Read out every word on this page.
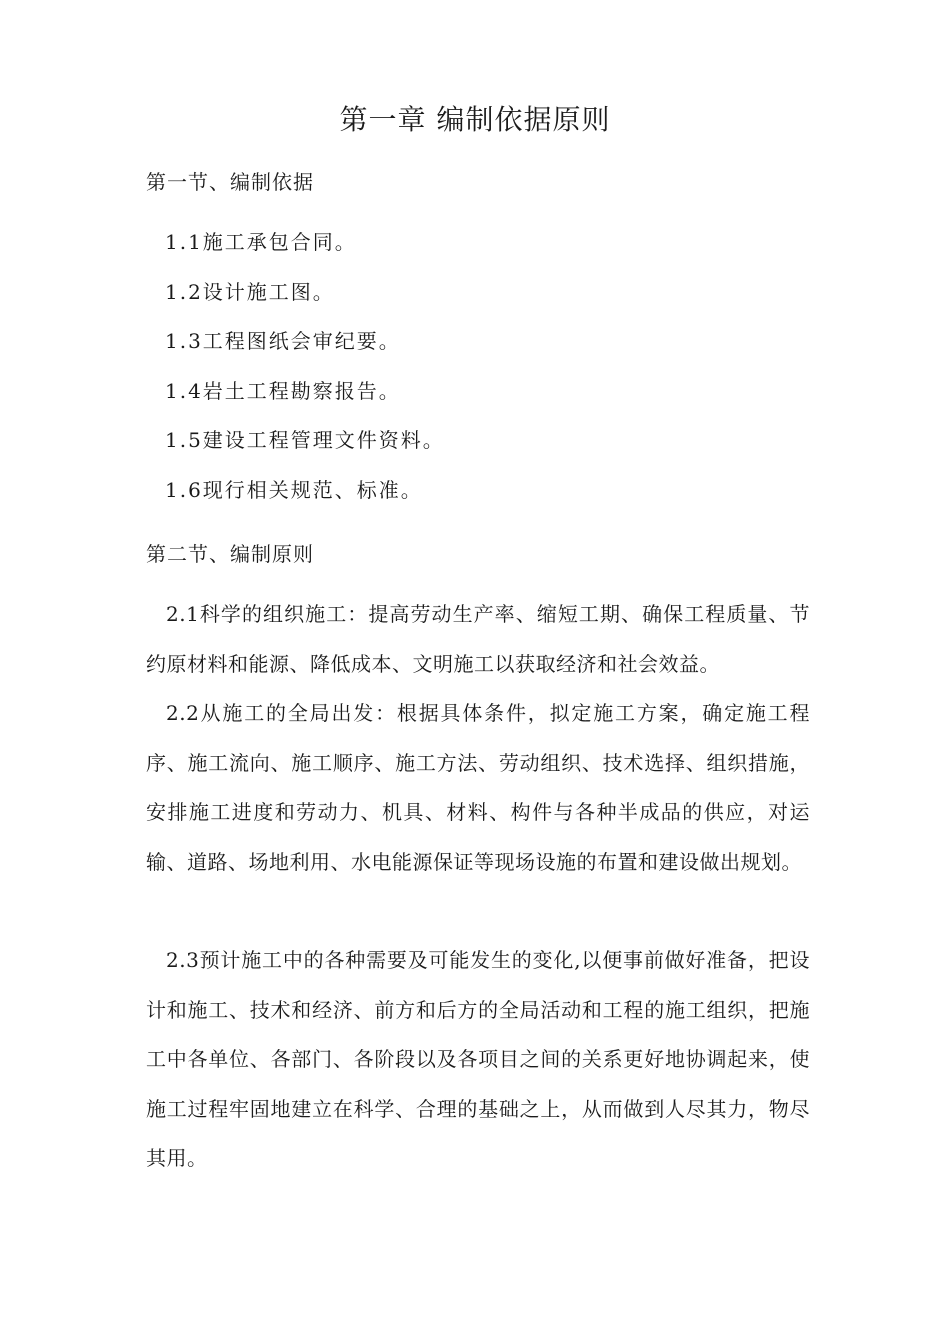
第一章 编制依据原则
第一节、编制依据

1.1施工承包合同。

1.2设计施工图。

1.3工程图纸会审纪要。

1.4岩土工程勘察报告。

1.5建设工程管理文件资料。

1.6现行相关规范、标准。

第二节、编制原则

2.1科学的组织施工：提高劳动生产率、缩短工期、确保工程质量、节约原材料和能源、降低成本、文明施工以获取经济和社会效益。

2.2从施工的全局出发：根据具体条件，拟定施工方案，确定施工程序、施工流向、施工顺序、施工方法、劳动组织、技术选择、组织措施，安排施工进度和劳动力、机具、材料、构件与各种半成品的供应，对运输、道路、场地利用、水电能源保证等现场设施的布置和建设做出规划。

2.3预计施工中的各种需要及可能发生的变化,以便事前做好准备，把设计和施工、技术和经济、前方和后方的全局活动和工程的施工组织，把施工中各单位、各部门、各阶段以及各项目之间的关系更好地协调起来，使施工过程牢固地建立在科学、合理的基础之上，从而做到人尽其力，物尽其用。
